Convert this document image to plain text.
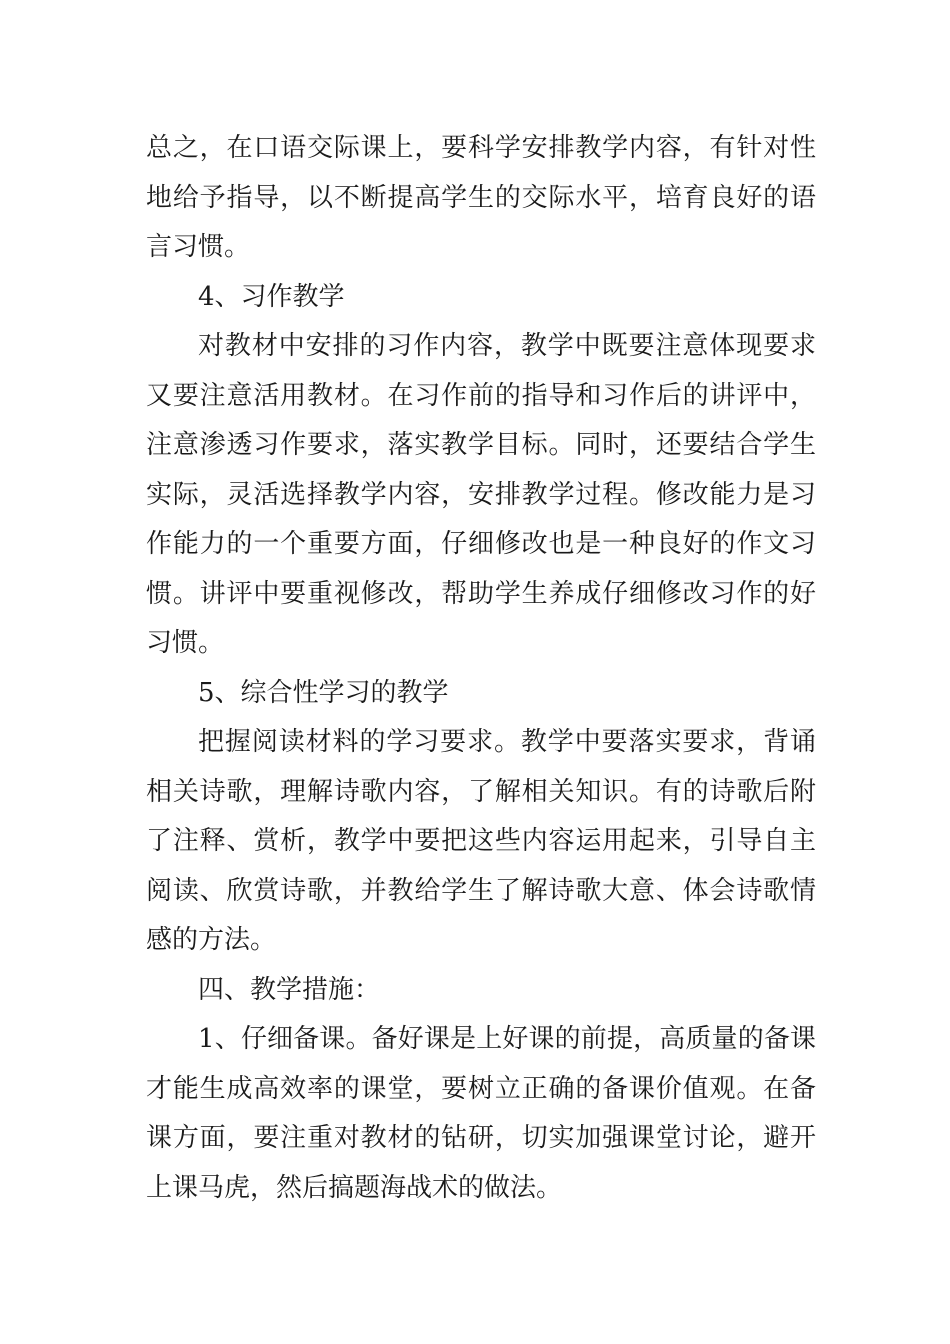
总之，在口语交际课上，要科学安排教学内容，有针对性地给予指导，以不断提高学生的交际水平，培育良好的语言习惯。

4、习作教学

对教材中安排的习作内容，教学中既要注意体现要求又要注意活用教材。在习作前的指导和习作后的讲评中，注意渗透习作要求，落实教学目标。同时，还要结合学生实际，灵活选择教学内容，安排教学过程。修改能力是习作能力的一个重要方面，仔细修改也是一种良好的作文习惯。讲评中要重视修改，帮助学生养成仔细修改习作的好习惯。

5、综合性学习的教学

把握阅读材料的学习要求。教学中要落实要求，背诵相关诗歌，理解诗歌内容，了解相关知识。有的诗歌后附了注释、赏析，教学中要把这些内容运用起来，引导自主阅读、欣赏诗歌，并教给学生了解诗歌大意、体会诗歌情感的方法。

四、教学措施：

1、仔细备课。备好课是上好课的前提，高质量的备课才能生成高效率的课堂，要树立正确的备课价值观。在备课方面，要注重对教材的钻研，切实加强课堂讨论，避开上课马虎，然后搞题海战术的做法。
